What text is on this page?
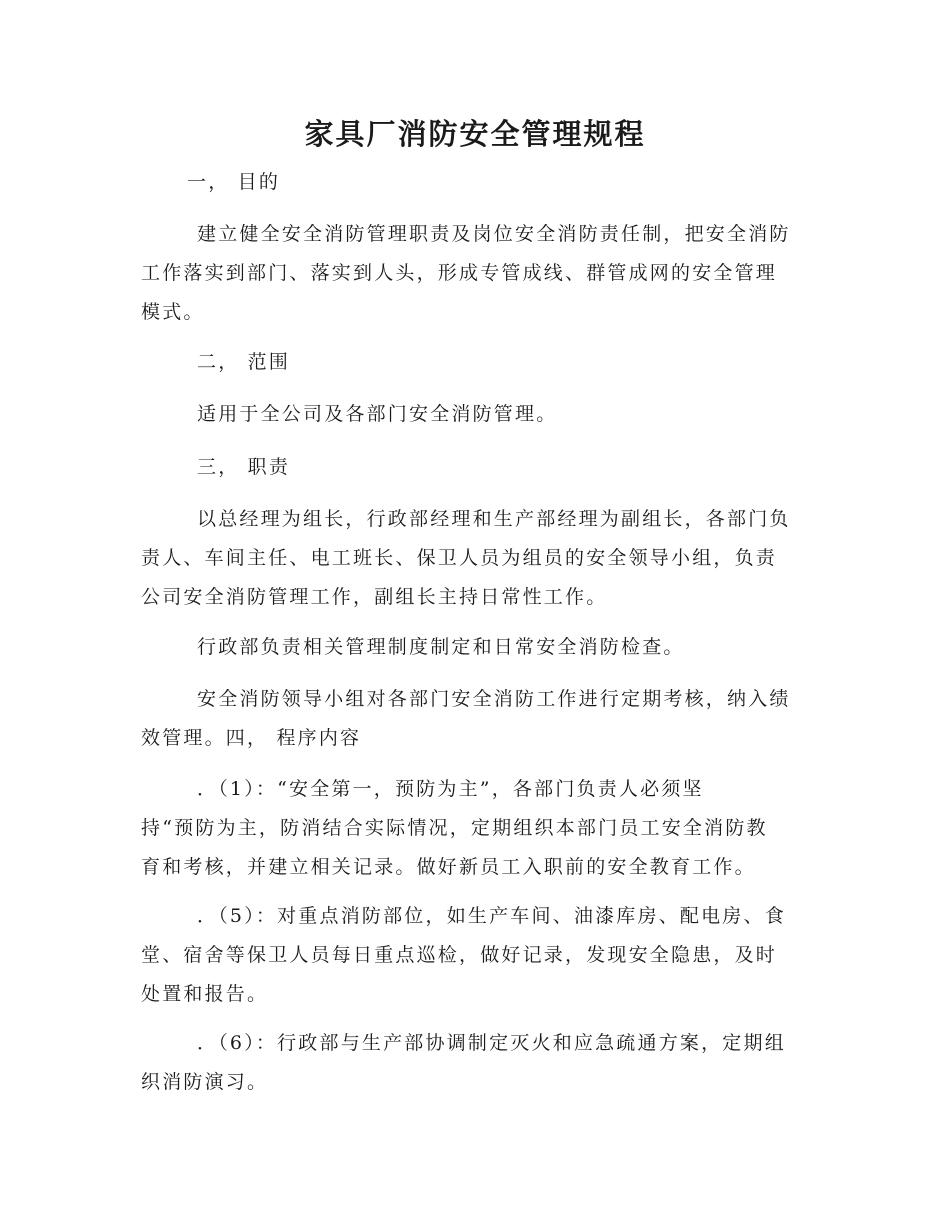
家具厂消防安全管理规程
一， 目的
建立健全安全消防管理职责及岗位安全消防责任制，把安全消防
工作落实到部门、落实到人头，形成专管成线、群管成网的安全管理
模式。
二， 范围
适用于全公司及各部门安全消防管理。
三， 职责
以总经理为组长，行政部经理和生产部经理为副组长，各部门负
责人、车间主任、电工班长、保卫人员为组员的安全领导小组，负责
公司安全消防管理工作，副组长主持日常性工作。
行政部负责相关管理制度制定和日常安全消防检查。
安全消防领导小组对各部门安全消防工作进行定期考核，纳入绩
效管理。四， 程序内容
．（1）：“安全第一，预防为主”，各部门负责人必须坚
持“预防为主，防消结合实际情况，定期组织本部门员工安全消防教
育和考核，并建立相关记录。做好新员工入职前的安全教育工作。
．（5）：对重点消防部位，如生产车间、油漆库房、配电房、食
堂、宿舍等保卫人员每日重点巡检，做好记录，发现安全隐患，及时
处置和报告。
．（6）：行政部与生产部协调制定灭火和应急疏通方案，定期组
织消防演习。
